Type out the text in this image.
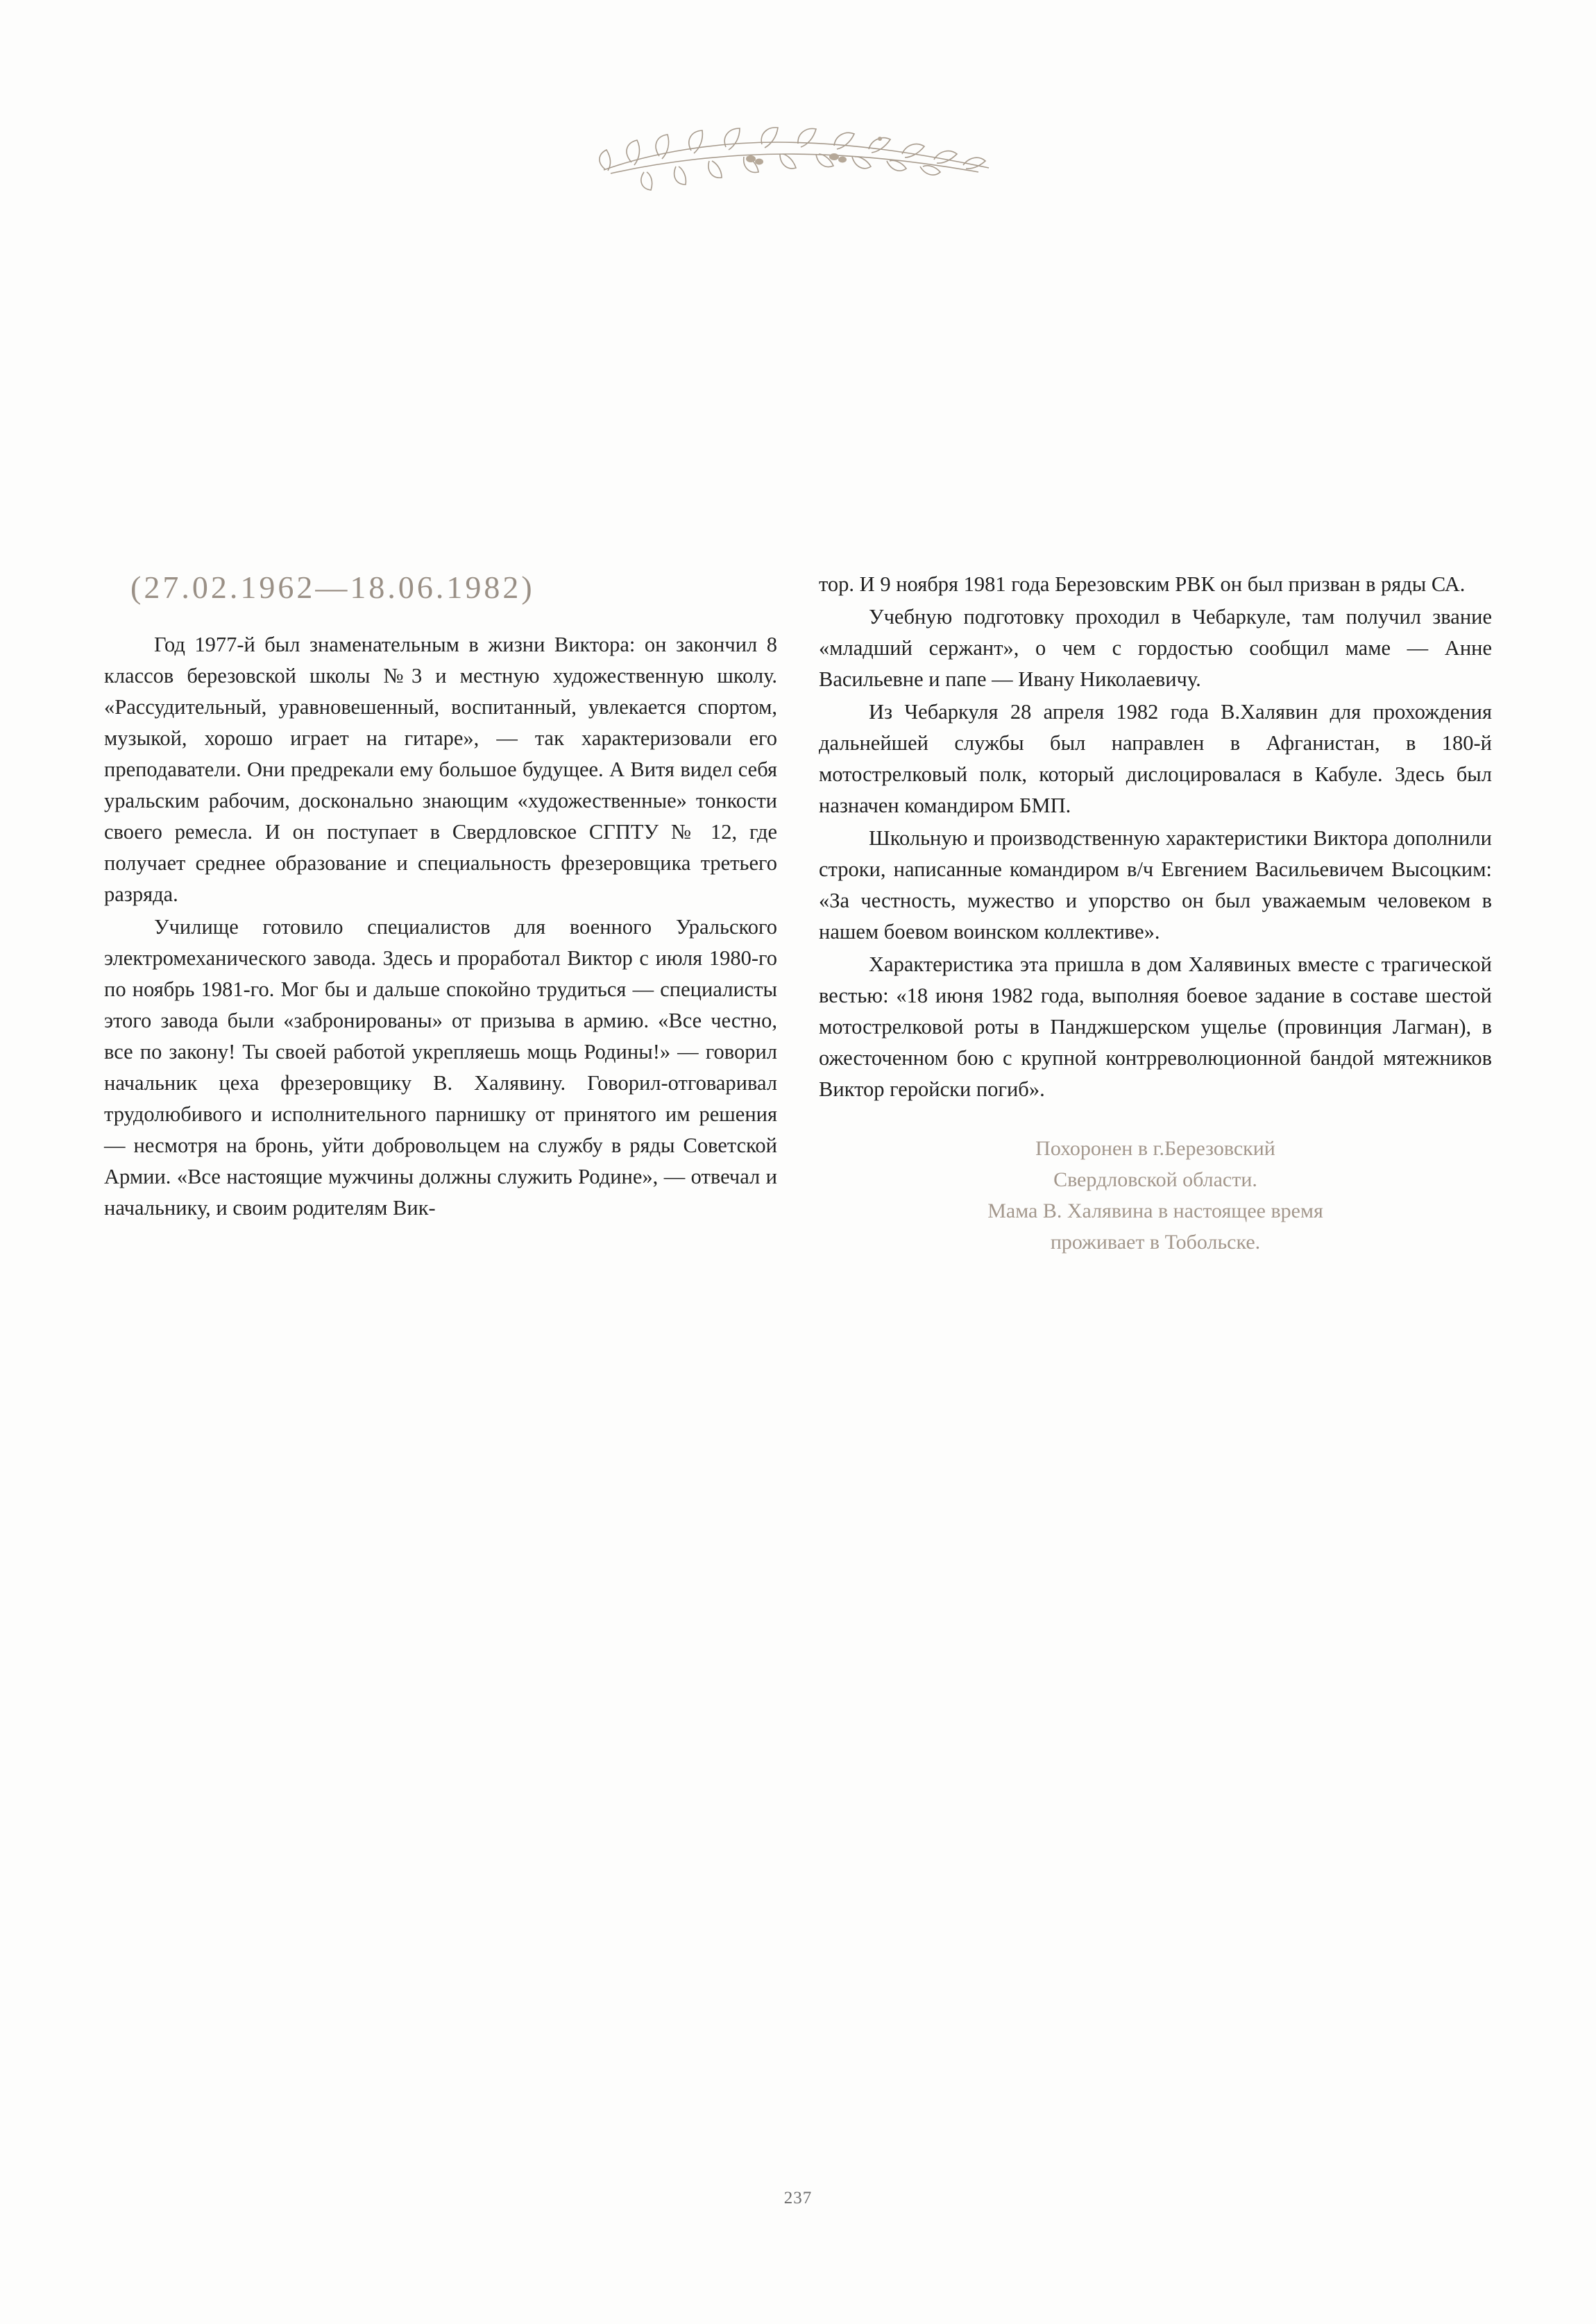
(27.02.1962—18.06.1982)

Год 1977-й был знаменательным в жизни Виктора: он закончил 8 классов березовской школы №3 и местную художественную школу. «Рассудительный, уравновешенный, воспитанный, увлекается спортом, музыкой, хорошо играет на гитаре», — так характеризовали его преподаватели. Они предрекали ему большое будущее. А Витя видел себя уральским рабочим, досконально знающим «художественные» тонкости своего ремесла. И он поступает в Свердловское СГПТУ № 12, где получает среднее образование и специальность фрезеровщика третьего разряда.

Училище готовило специалистов для военного Уральского электромеханического завода. Здесь и проработал Виктор с июля 1980-го по ноябрь 1981-го. Мог бы и дальше спокойно трудиться — специалисты этого завода были «забронированы» от призыва в армию. «Все честно, все по закону! Ты своей работой укрепляешь мощь Родины!» — говорил начальник цеха фрезеровщику В. Халявину. Говорил-отговаривал трудолюбивого и исполнительного парнишку от принятого им решения — несмотря на бронь, уйти добровольцем на службу в ряды Советской Армии. «Все настоящие мужчины должны служить Родине», — отвечал и начальнику, и своим родителям Вик-

тор. И 9 ноября 1981 года Березовским РВК он был призван в ряды СА.

Учебную подготовку проходил в Чебаркуле, там получил звание «младший сержант», о чем с гордостью сообщил маме — Анне Васильевне и папе — Ивану Николаевичу.

Из Чебаркуля 28 апреля 1982 года В.Халявин для прохождения дальнейшей службы был направлен в Афганистан, в 180-й мотострелковый полк, который дислоцировалася в Кабуле. Здесь был назначен командиром БМП.

Школьную и производственную характеристики Виктора дополнили строки, написанные командиром в/ч Евгением Васильевичем Высоцким: «За честность, мужество и упорство он был уважаемым человеком в нашем боевом воинском коллективе».

Характеристика эта пришла в дом Халявиных вместе с трагической вестью: «18 июня 1982 года, выполняя боевое задание в составе шестой мотострелковой роты в Панджшерском ущелье (провинция Лагман), в ожесточенном бою с крупной контрреволюционной бандой мятежников Виктор геройски погиб».

Похоронен в г.Березовский
Свердловской области.
Мама В. Халявина в настоящее время
проживает в Тобольске.
237
